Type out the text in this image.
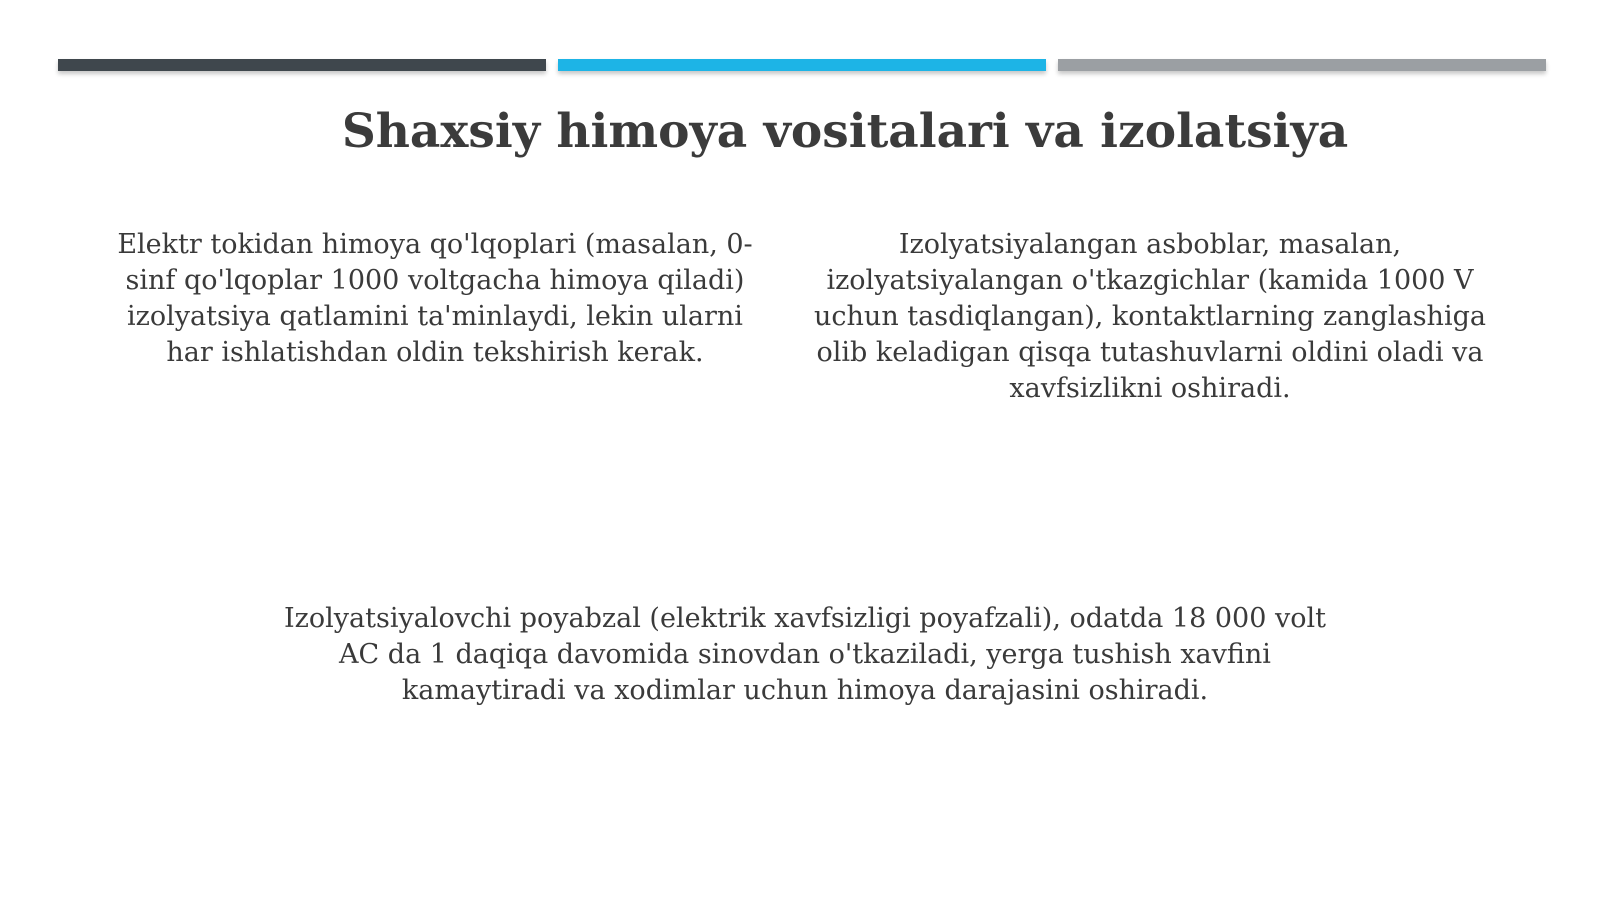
Shaxsiy himoya vositalari va izolatsiya

Elektr tokidan himoya qo'lqoplari (masalan, 0-sinf qo'lqoplar 1000 voltgacha himoya qiladi) izolyatsiya qatlamini ta'minlaydi, lekin ularni har ishlatishdan oldin tekshirish kerak.

Izolyatsiyalangan asboblar, masalan, izolyatsiyalangan o'tkazgichlar (kamida 1000 V uchun tasdiqlangan), kontaktlarning zanglashiga olib keladigan qisqa tutashuvlarni oldini oladi va xavfsizlikni oshiradi.

Izolyatsiyalovchi poyabzal (elektrik xavfsizligi poyafzali), odatda 18 000 volt AC da 1 daqiqa davomida sinovdan o'tkaziladi, yerga tushish xavfini kamaytiradi va xodimlar uchun himoya darajasini oshiradi.
